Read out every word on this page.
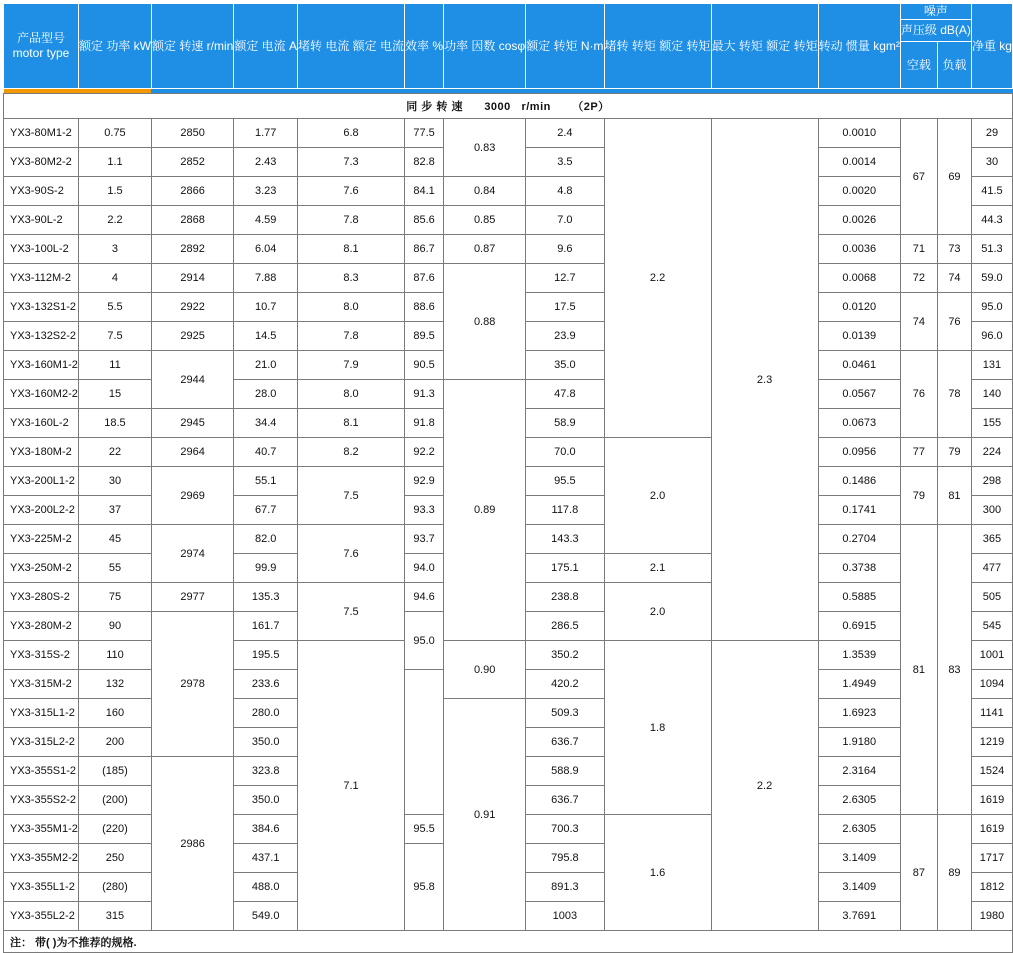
产品型号
motor type	额定 功率 kW	额定 转速 r/min	额定 电流 A	堵转 电流 额定 电流	效率 %	功率 因数 cosφ	额定 转矩 N·m	堵转 转矩 额定 转矩	最大 转矩 额定 转矩	转动 惯量 kgm²	噪声		净重 kg
											声压级 dB(A)		
											空载	负载	

同 步 转 速 3000 r/min （2P）													
YX3-80M1-2	0.75	2850	1.77	6.8	77.5	0.83	2.4	2.2	2.3	0.0010	67	69	29
YX3-80M2-2	1.1	2852	2.43	7.3	82.8		3.5			0.0014			30
YX3-90S-2	1.5	2866	3.23	7.6	84.1	0.84	4.8			0.0020			41.5
YX3-90L-2	2.2	2868	4.59	7.8	85.6	0.85	7.0			0.0026			44.3
YX3-100L-2	3	2892	6.04	8.1	86.7	0.87	9.6			0.0036	71	73	51.3
YX3-112M-2	4	2914	7.88	8.3	87.6	0.88	12.7			0.0068	72	74	59.0
YX3-132S1-2	5.5	2922	10.7	8.0	88.6		17.5			0.0120	74	76	95.0
YX3-132S2-2	7.5	2925	14.5	7.8	89.5		23.9			0.0139			96.0
YX3-160M1-2	11	2944	21.0	7.9	90.5		35.0			0.0461	76	78	131
YX3-160M2-2	15		28.0	8.0	91.3	0.89	47.8			0.0567			140
YX3-160L-2	18.5	2945	34.4	8.1	91.8		58.9			0.0673			155
YX3-180M-2	22	2964	40.7	8.2	92.2		70.0	2.0		0.0956	77	79	224
YX3-200L1-2	30	2969	55.1	7.5	92.9		95.5			0.1486	79	81	298
YX3-200L2-2	37		67.7		93.3		117.8			0.1741			300
YX3-225M-2	45	2974	82.0	7.6	93.7		143.3			0.2704	81	83	365
YX3-250M-2	55		99.9		94.0		175.1	2.1		0.3738			477
YX3-280S-2	75	2977	135.3	7.5	94.6		238.8	2.0		0.5885			505
YX3-280M-2	90	2978	161.7		95.0		286.5			0.6915			545
YX3-315S-2	110		195.5	7.1		0.90	350.2	1.8	2.2	1.3539			1001
YX3-315M-2	132		233.6				420.2			1.4949			1094
YX3-315L1-2	160		280.0			0.91	509.3			1.6923			1141
YX3-315L2-2	200		350.0				636.7			1.9180			1219
YX3-355S1-2	(185)	2986	323.8				588.9			2.3164			1524
YX3-355S2-2	(200)		350.0				636.7			2.6305			1619
YX3-355M1-2	(220)		384.6		95.5		700.3	1.6		2.6305	87	89	1619
YX3-355M2-2	250		437.1		95.8		795.8			3.1409			1717
YX3-355L1-2	(280)		488.0				891.3			3.1409			1812
YX3-355L2-2	315		549.0				1003			3.7691			1980
注： 带( )为不推荐的规格.													
